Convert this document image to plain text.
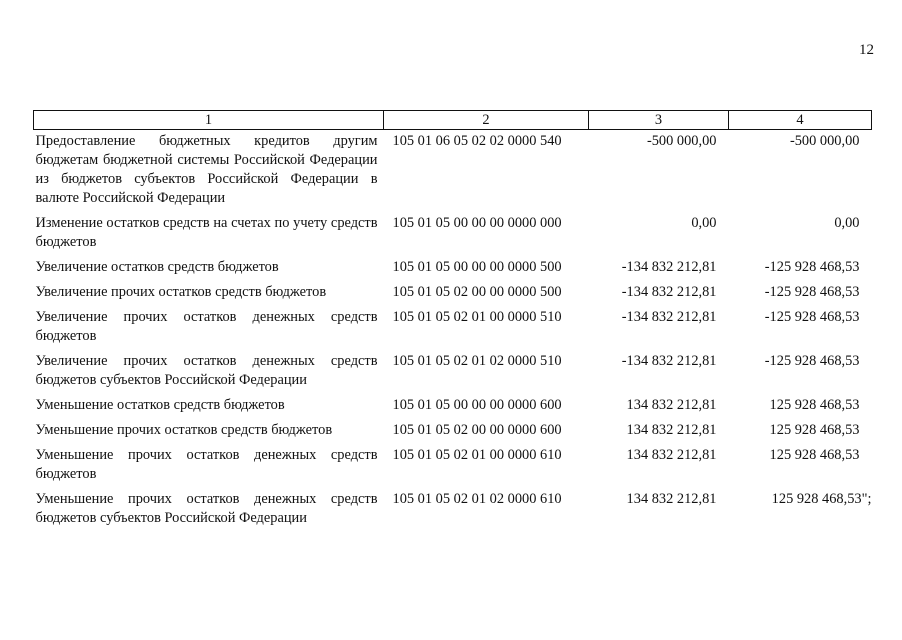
12
1	2	3	4
Предоставление бюджетных кредитов другим бюджетам бюджетной системы Российской Федерации из бюджетов субъектов Российской Федерации в валюте Российской Федерации	105 01 06 05 02 02 0000 540	-500 000,00	-500 000,00
Изменение остатков средств на счетах по учету средств бюджетов	105 01 05 00 00 00 0000 000	0,00	0,00
Увеличение остатков средств бюджетов	105 01 05 00 00 00 0000 500	-134 832 212,81	-125 928 468,53
Увеличение прочих остатков средств бюджетов	105 01 05 02 00 00 0000 500	-134 832 212,81	-125 928 468,53
Увеличение прочих остатков денежных средств бюджетов	105 01 05 02 01 00 0000 510	-134 832 212,81	-125 928 468,53
Увеличение прочих остатков денежных средств бюджетов субъектов Российской Федерации	105 01 05 02 01 02 0000 510	-134 832 212,81	-125 928 468,53
Уменьшение остатков средств бюджетов	105 01 05 00 00 00 0000 600	134 832 212,81	125 928 468,53
Уменьшение прочих остатков средств бюджетов	105 01 05 02 00 00 0000 600	134 832 212,81	125 928 468,53
Уменьшение прочих остатков денежных средств бюджетов	105 01 05 02 01 00 0000 610	134 832 212,81	125 928 468,53
Уменьшение прочих остатков денежных средств бюджетов субъектов Российской Федерации	105 01 05 02 01 02 0000 610	134 832 212,81	125 928 468,53";
